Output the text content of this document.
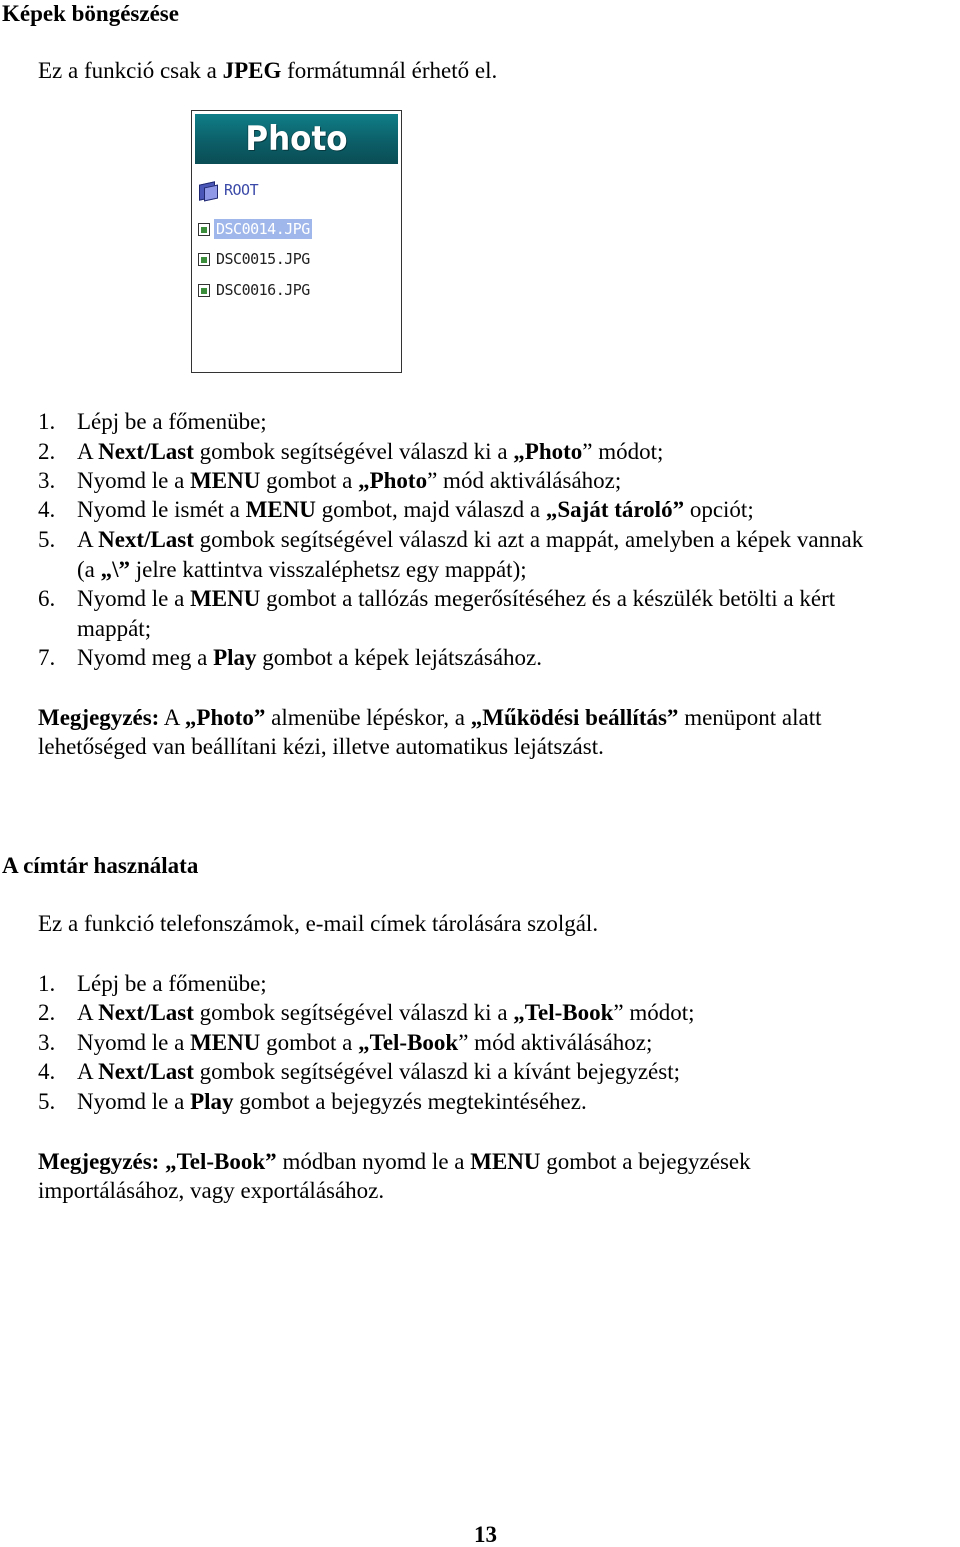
Képek böngészése
Ez a funkció csak a JPEG formátumnál érhető el.
Photo
ROOT
DSC0014.JPG
DSC0015.JPG
DSC0016.JPG
1. Lépj be a főmenübe;
2. A Next/Last gombok segítségével válaszd ki a „Photo” módot;
3. Nyomd le a MENU gombot a „Photo” mód aktiválásához;
4. Nyomd le ismét a MENU gombot, majd válaszd a „Saját tároló” opciót;
5. A Next/Last gombok segítségével válaszd ki azt a mappát, amelyben a képek vannak
(a „\” jelre kattintva visszaléphetsz egy mappát);
6. Nyomd le a MENU gombot a tallózás megerősítéséhez és a készülék betölti a kért
mappát;
7. Nyomd meg a Play gombot a képek lejátszásához.
Megjegyzés: A „Photo” almenübe lépéskor, a „Működési beállítás” menüpont alatt
lehetőséged van beállítani kézi, illetve automatikus lejátszást.
A címtár használata
Ez a funkció telefonszámok, e-mail címek tárolására szolgál.
1. Lépj be a főmenübe;
2. A Next/Last gombok segítségével válaszd ki a „Tel-Book” módot;
3. Nyomd le a MENU gombot a „Tel-Book” mód aktiválásához;
4. A Next/Last gombok segítségével válaszd ki a kívánt bejegyzést;
5. Nyomd le a Play gombot a bejegyzés megtekintéséhez.
Megjegyzés: „Tel-Book” módban nyomd le a MENU gombot a bejegyzések
importálásához, vagy exportálásához.
13
